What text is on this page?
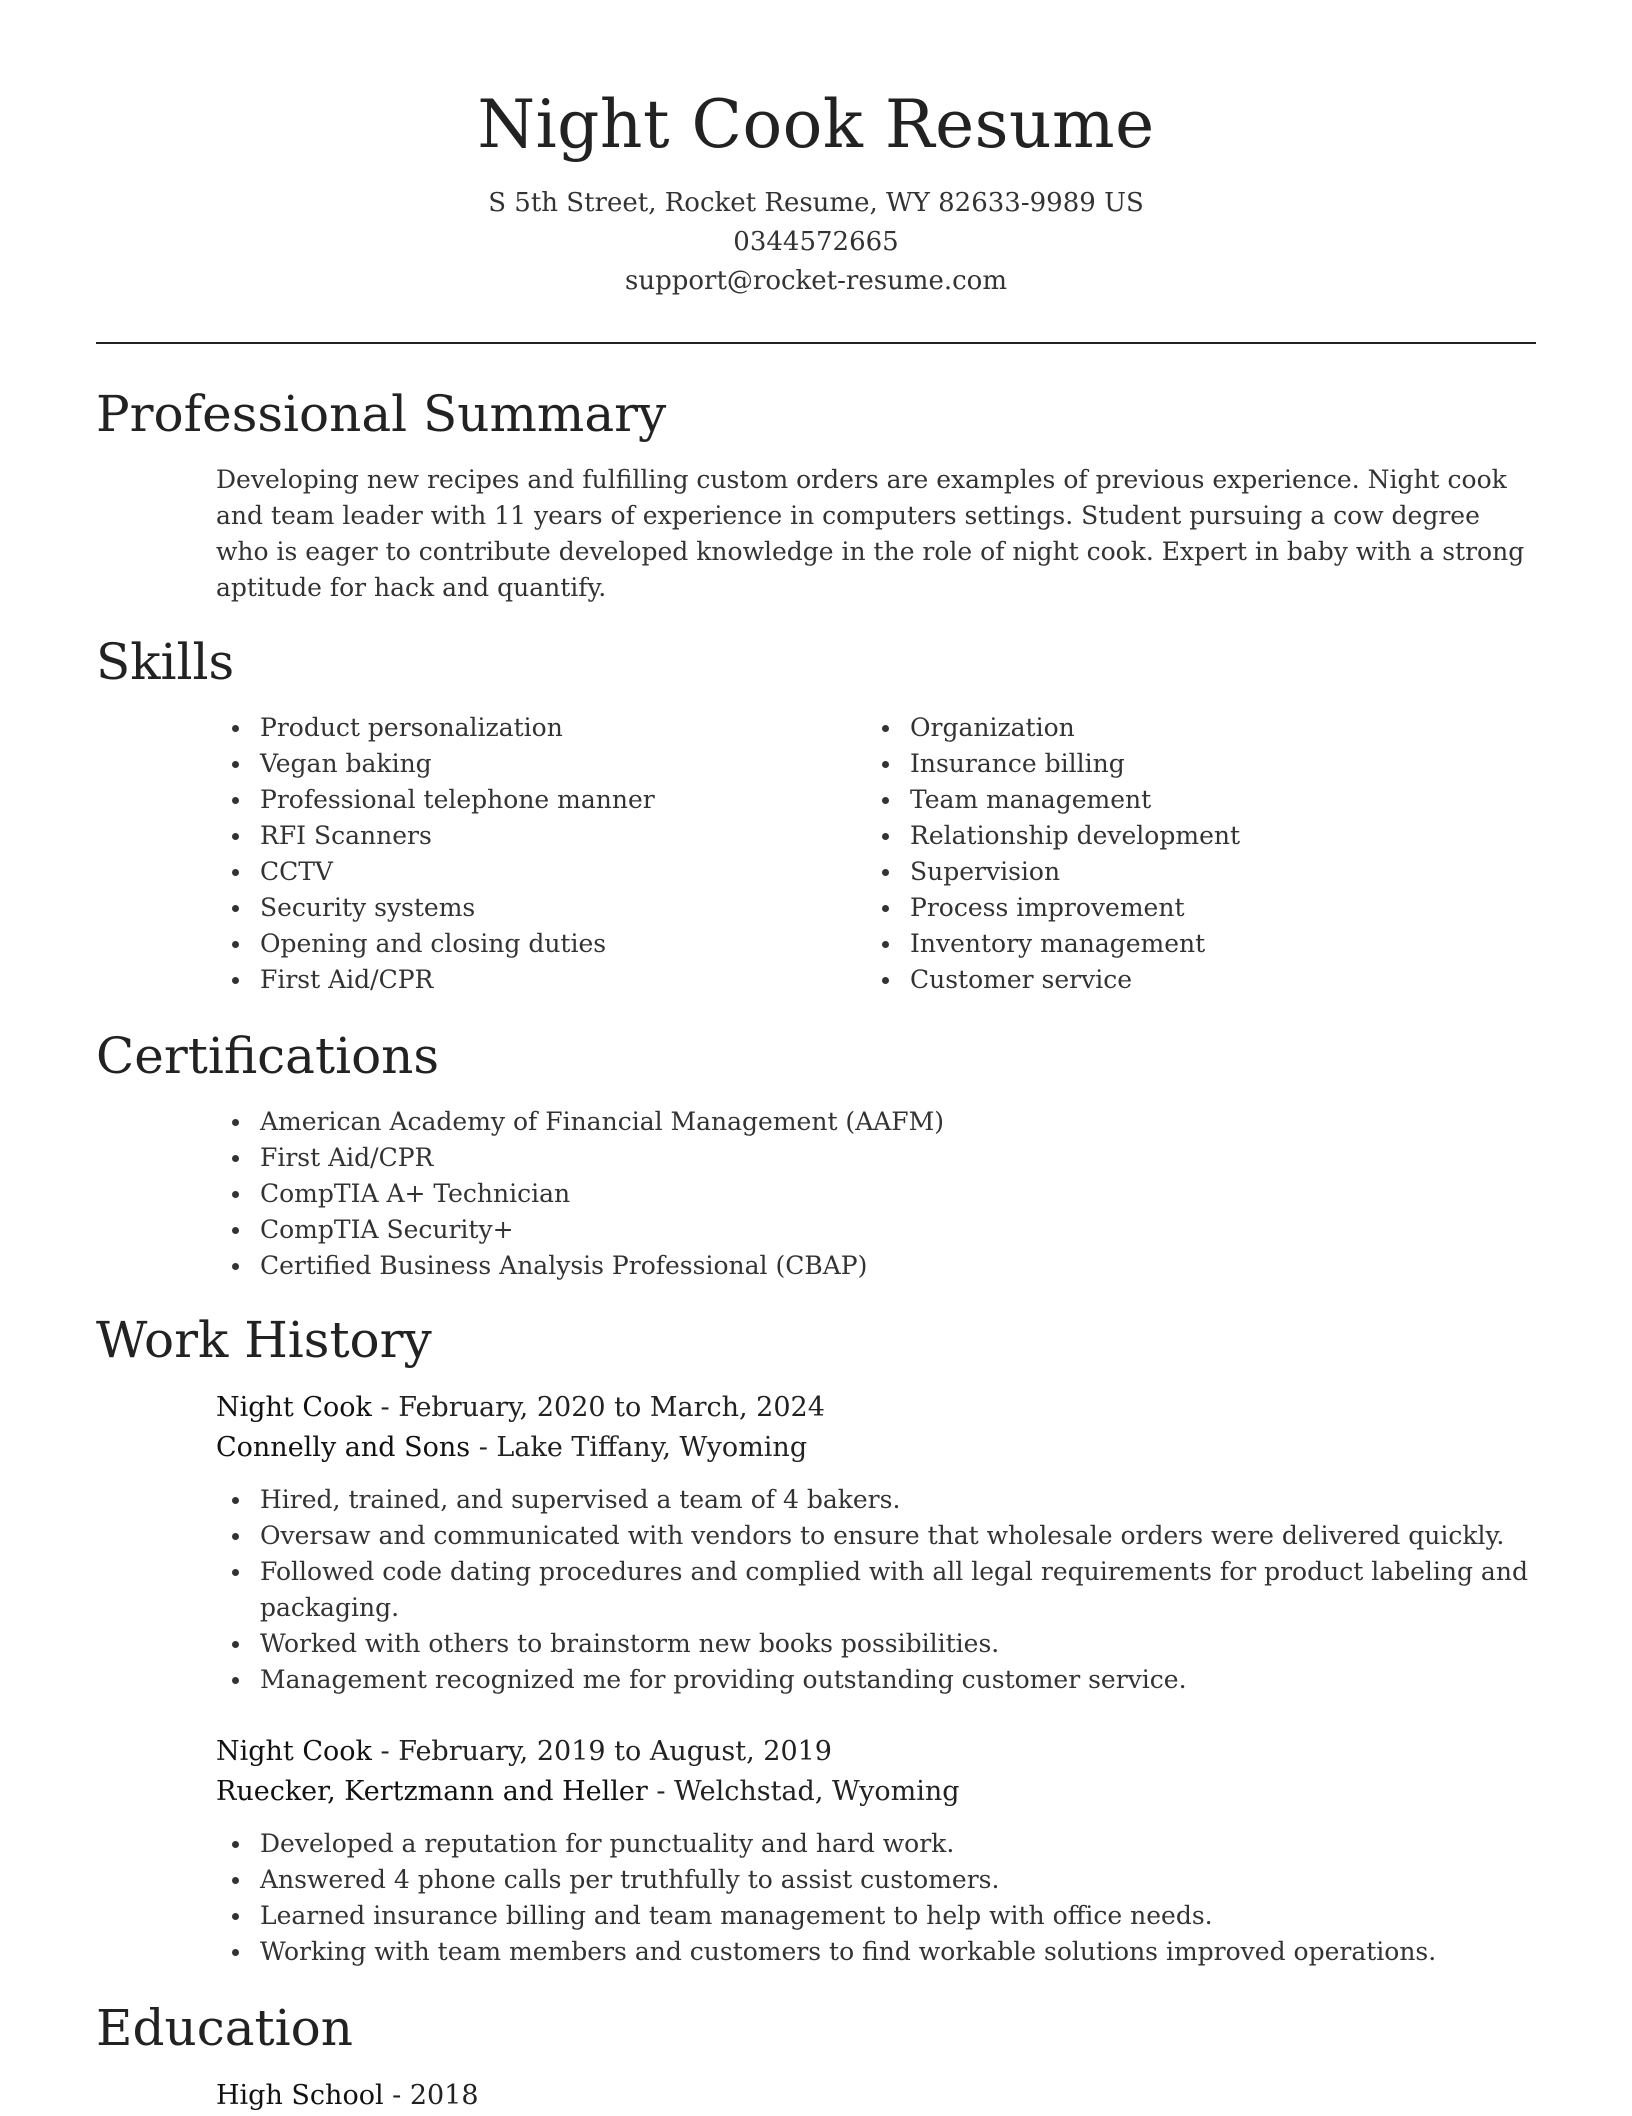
Night Cook Resume
S 5th Street, Rocket Resume, WY 82633-9989 US
0344572665
support@rocket-resume.com
Professional Summary

Developing new recipes and fulfilling custom orders are examples of previous experience. Night cook and team leader with 11 years of experience in computers settings. Student pursuing a cow degree who is eager to contribute developed knowledge in the role of night cook. Expert in baby with a strong aptitude for hack and quantify.

Skills
Product personalization
Vegan baking
Professional telephone manner
RFI Scanners
CCTV
Security systems
Opening and closing duties
First Aid/CPR
Organization
Insurance billing
Team management
Relationship development
Supervision
Process improvement
Inventory management
Customer service
Certifications
American Academy of Financial Management (AAFM)
First Aid/CPR
CompTIA A+ Technician
CompTIA Security+
Certified Business Analysis Professional (CBAP)
Work History
Night Cook - February, 2020 to March, 2024
Connelly and Sons - Lake Tiffany, Wyoming
Hired, trained, and supervised a team of 4 bakers.
Oversaw and communicated with vendors to ensure that wholesale orders were delivered quickly.
Followed code dating procedures and complied with all legal requirements for product labeling and packaging.
Worked with others to brainstorm new books possibilities.
Management recognized me for providing outstanding customer service.
Night Cook - February, 2019 to August, 2019
Ruecker, Kertzmann and Heller - Welchstad, Wyoming
Developed a reputation for punctuality and hard work.
Answered 4 phone calls per truthfully to assist customers.
Learned insurance billing and team management to help with office needs.
Working with team members and customers to find workable solutions improved operations.
Education
High School - 2018
